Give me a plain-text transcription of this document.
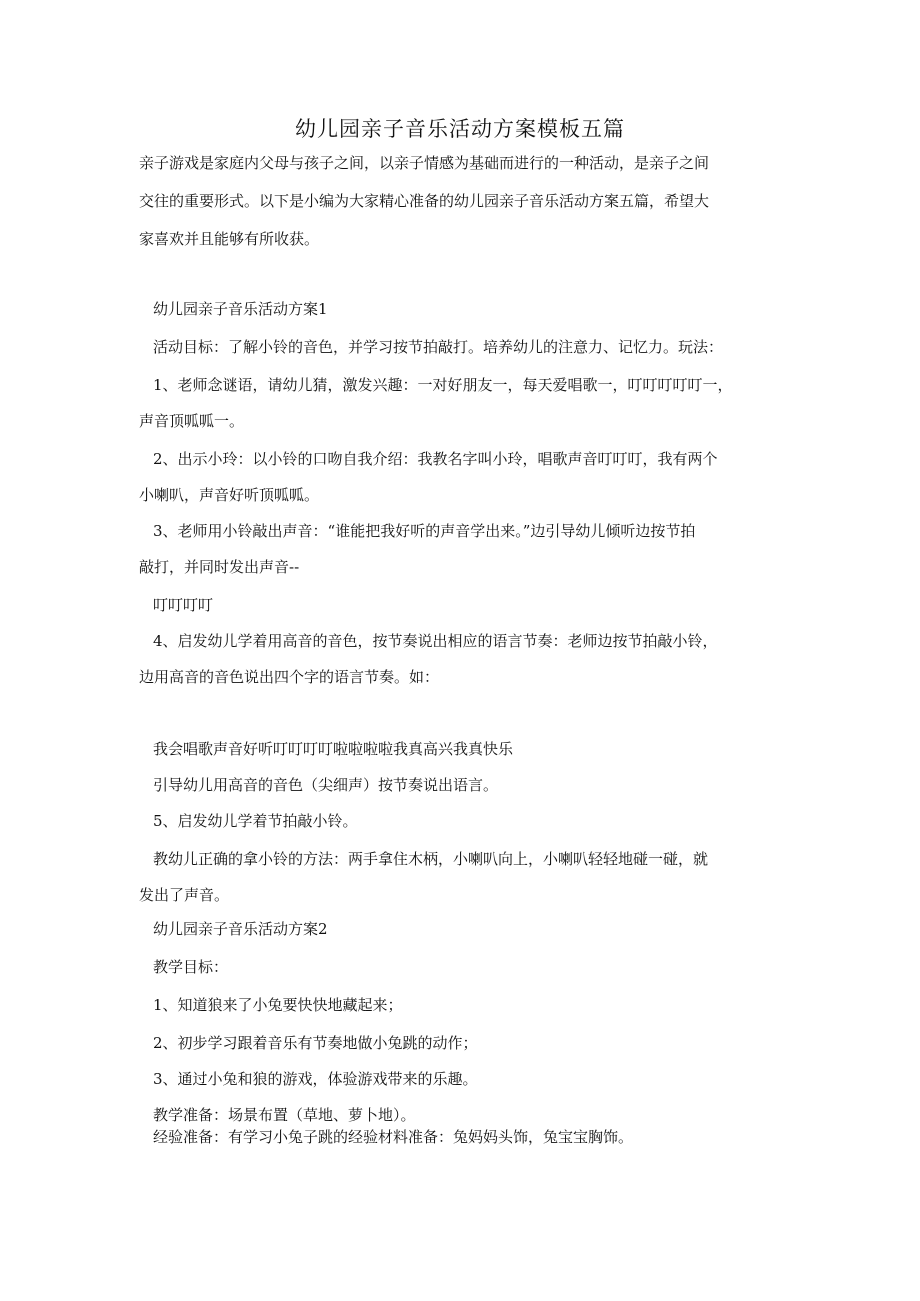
幼儿园亲子音乐活动方案模板五篇
亲子游戏是家庭内父母与孩子之间，以亲子情感为基础而进行的一种活动，是亲子之间
交往的重要形式。以下是小编为大家精心准备的幼儿园亲子音乐活动方案五篇，希望大
家喜欢并且能够有所收获。
幼儿园亲子音乐活动方案1
活动目标：了解小铃的音色，并学习按节拍敲打。培养幼儿的注意力、记忆力。玩法：
1、老师念谜语，请幼儿猜，激发兴趣：一对好朋友一，每天爱唱歌一，叮叮叮叮叮一，
声音顶呱呱一。
2、出示小玲：以小铃的口吻自我介绍：我教名字叫小玲，唱歌声音叮叮叮，我有两个
小喇叭，声音好听顶呱呱。
3、老师用小铃敲出声音：“谁能把我好听的声音学出来。”边引导幼儿倾听边按节拍
敲打，并同时发出声音--
叮叮叮叮
4、启发幼儿学着用高音的音色，按节奏说出相应的语言节奏：老师边按节拍敲小铃，
边用高音的音色说出四个字的语言节奏。如：
我会唱歌声音好听叮叮叮叮啦啦啦啦我真高兴我真快乐
引导幼儿用高音的音色（尖细声）按节奏说出语言。
5、启发幼儿学着节拍敲小铃。
教幼儿正确的拿小铃的方法：两手拿住木柄，小喇叭向上，小喇叭轻轻地碰一碰，就
发出了声音。
幼儿园亲子音乐活动方案2
教学目标：
1、知道狼来了小兔要快快地藏起来；
2、初步学习跟着音乐有节奏地做小兔跳的动作；
3、通过小兔和狼的游戏，体验游戏带来的乐趣。
教学准备：场景布置（草地、萝卜地）。
经验准备：有学习小兔子跳的经验材料准备：兔妈妈头饰，兔宝宝胸饰。
